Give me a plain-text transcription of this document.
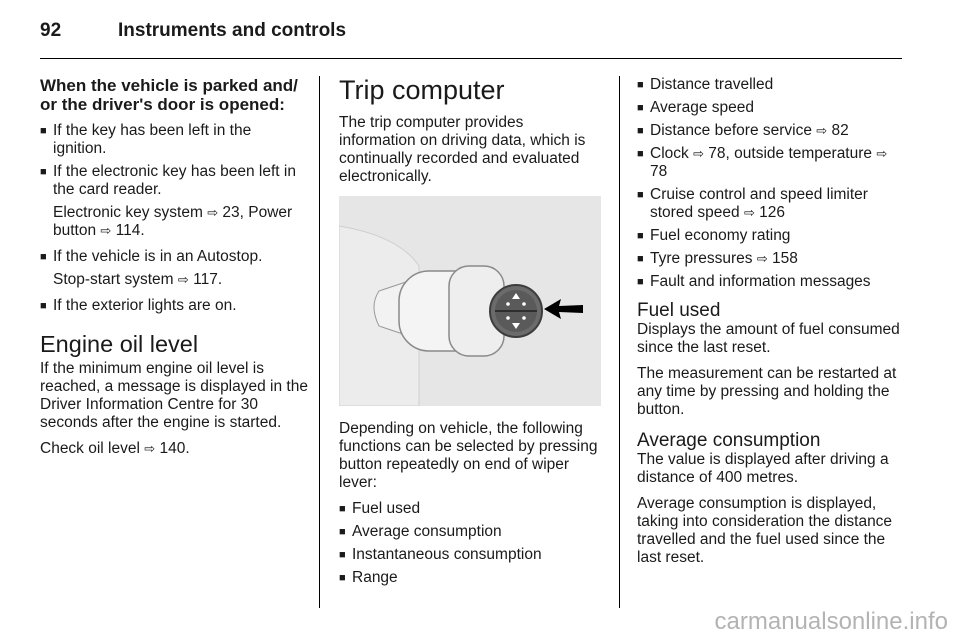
92	Instruments and controls

When the vehicle is parked and/ or the driver's door is opened:

■ If the key has been left in the ignition.
■ If the electronic key has been left in the card reader.

Electronic key system ⇨ 23, Power button ⇨ 114.

■ If the vehicle is in an Autostop.

Stop-start system ⇨ 117.

■ If the exterior lights are on.
Engine oil level

If the minimum engine oil level is reached, a message is displayed in the Driver Information Centre for 30 seconds after the engine is started.

Check oil level ⇨ 140.

Trip computer

The trip computer provides information on driving data, which is continually recorded and evaluated electronically.

Depending on vehicle, the following functions can be selected by pressing button repeatedly on end of wiper lever:

■ Fuel used
■ Average consumption
■ Instantaneous consumption
■ Range
■ Distance travelled
■ Average speed
■ Distance before service ⇨ 82
■ Clock ⇨ 78, outside temperature ⇨ 78
■ Cruise control and speed limiter stored speed ⇨ 126
■ Fuel economy rating
■ Tyre pressures ⇨ 158
■ Fault and information messages
Fuel used

Displays the amount of fuel consumed since the last reset.

The measurement can be restarted at any time by pressing and holding the button.

Average consumption

The value is displayed after driving a distance of 400 metres.

Average consumption is displayed, taking into consideration the distance travelled and the fuel used since the last reset.

carmanualsonline.info
